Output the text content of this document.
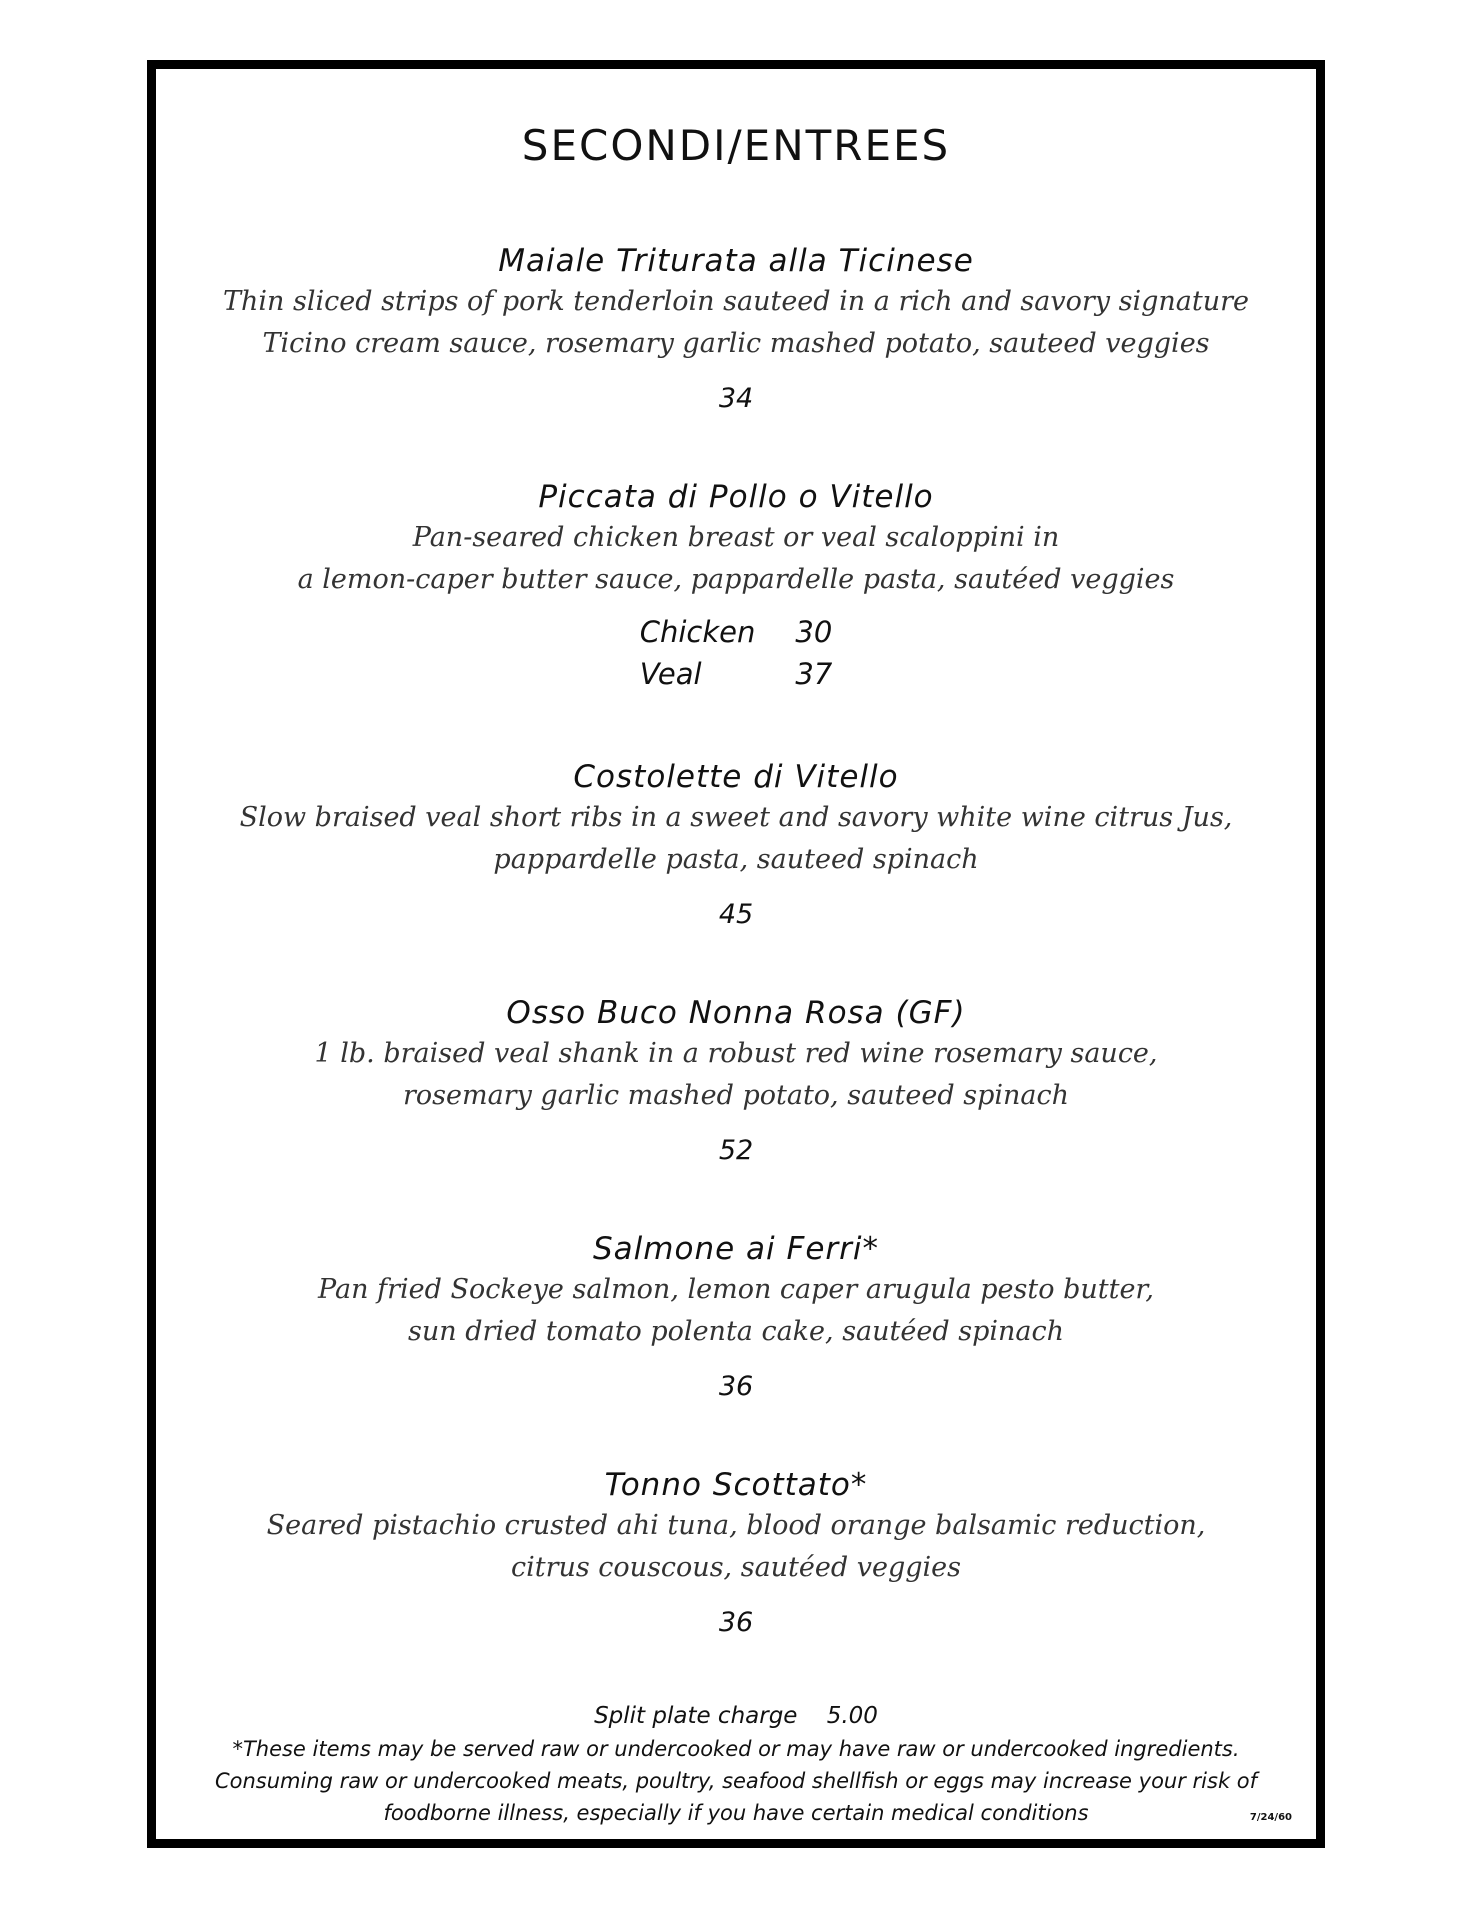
SECONDI/ENTREES
Maiale Triturata alla Ticinese
Thin sliced strips of pork tenderloin sauteed in a rich and savory signature
Ticino cream sauce, rosemary garlic mashed potato, sauteed veggies
34
Piccata di Pollo o Vitello
Pan-seared chicken breast or veal scaloppini in
a lemon-caper butter sauce, pappardelle pasta, sautéed veggies
Chicken 30
Veal	37
Costolette di Vitello
Slow braised veal short ribs in a sweet and savory white wine citrus Jus,
pappardelle pasta, sauteed spinach
45
Osso Buco Nonna Rosa (GF)
1 lb. braised veal shank in a robust red wine rosemary sauce,
rosemary garlic mashed potato, sauteed spinach
52
Salmone ai Ferri*
Pan fried Sockeye salmon, lemon caper arugula pesto butter,
sun dried tomato polenta cake, sautéed spinach
36
Tonno Scottato*
Seared pistachio crusted ahi tuna, blood orange balsamic reduction,
citrus couscous, sautéed veggies
36
Split plate charge 5.00
*These items may be served raw or undercooked or may have raw or undercooked ingredients.
Consuming raw or undercooked meats, poultry, seafood shellfish or eggs may increase your risk of
foodborne illness, especially if you have certain medical conditions	7/24/60
